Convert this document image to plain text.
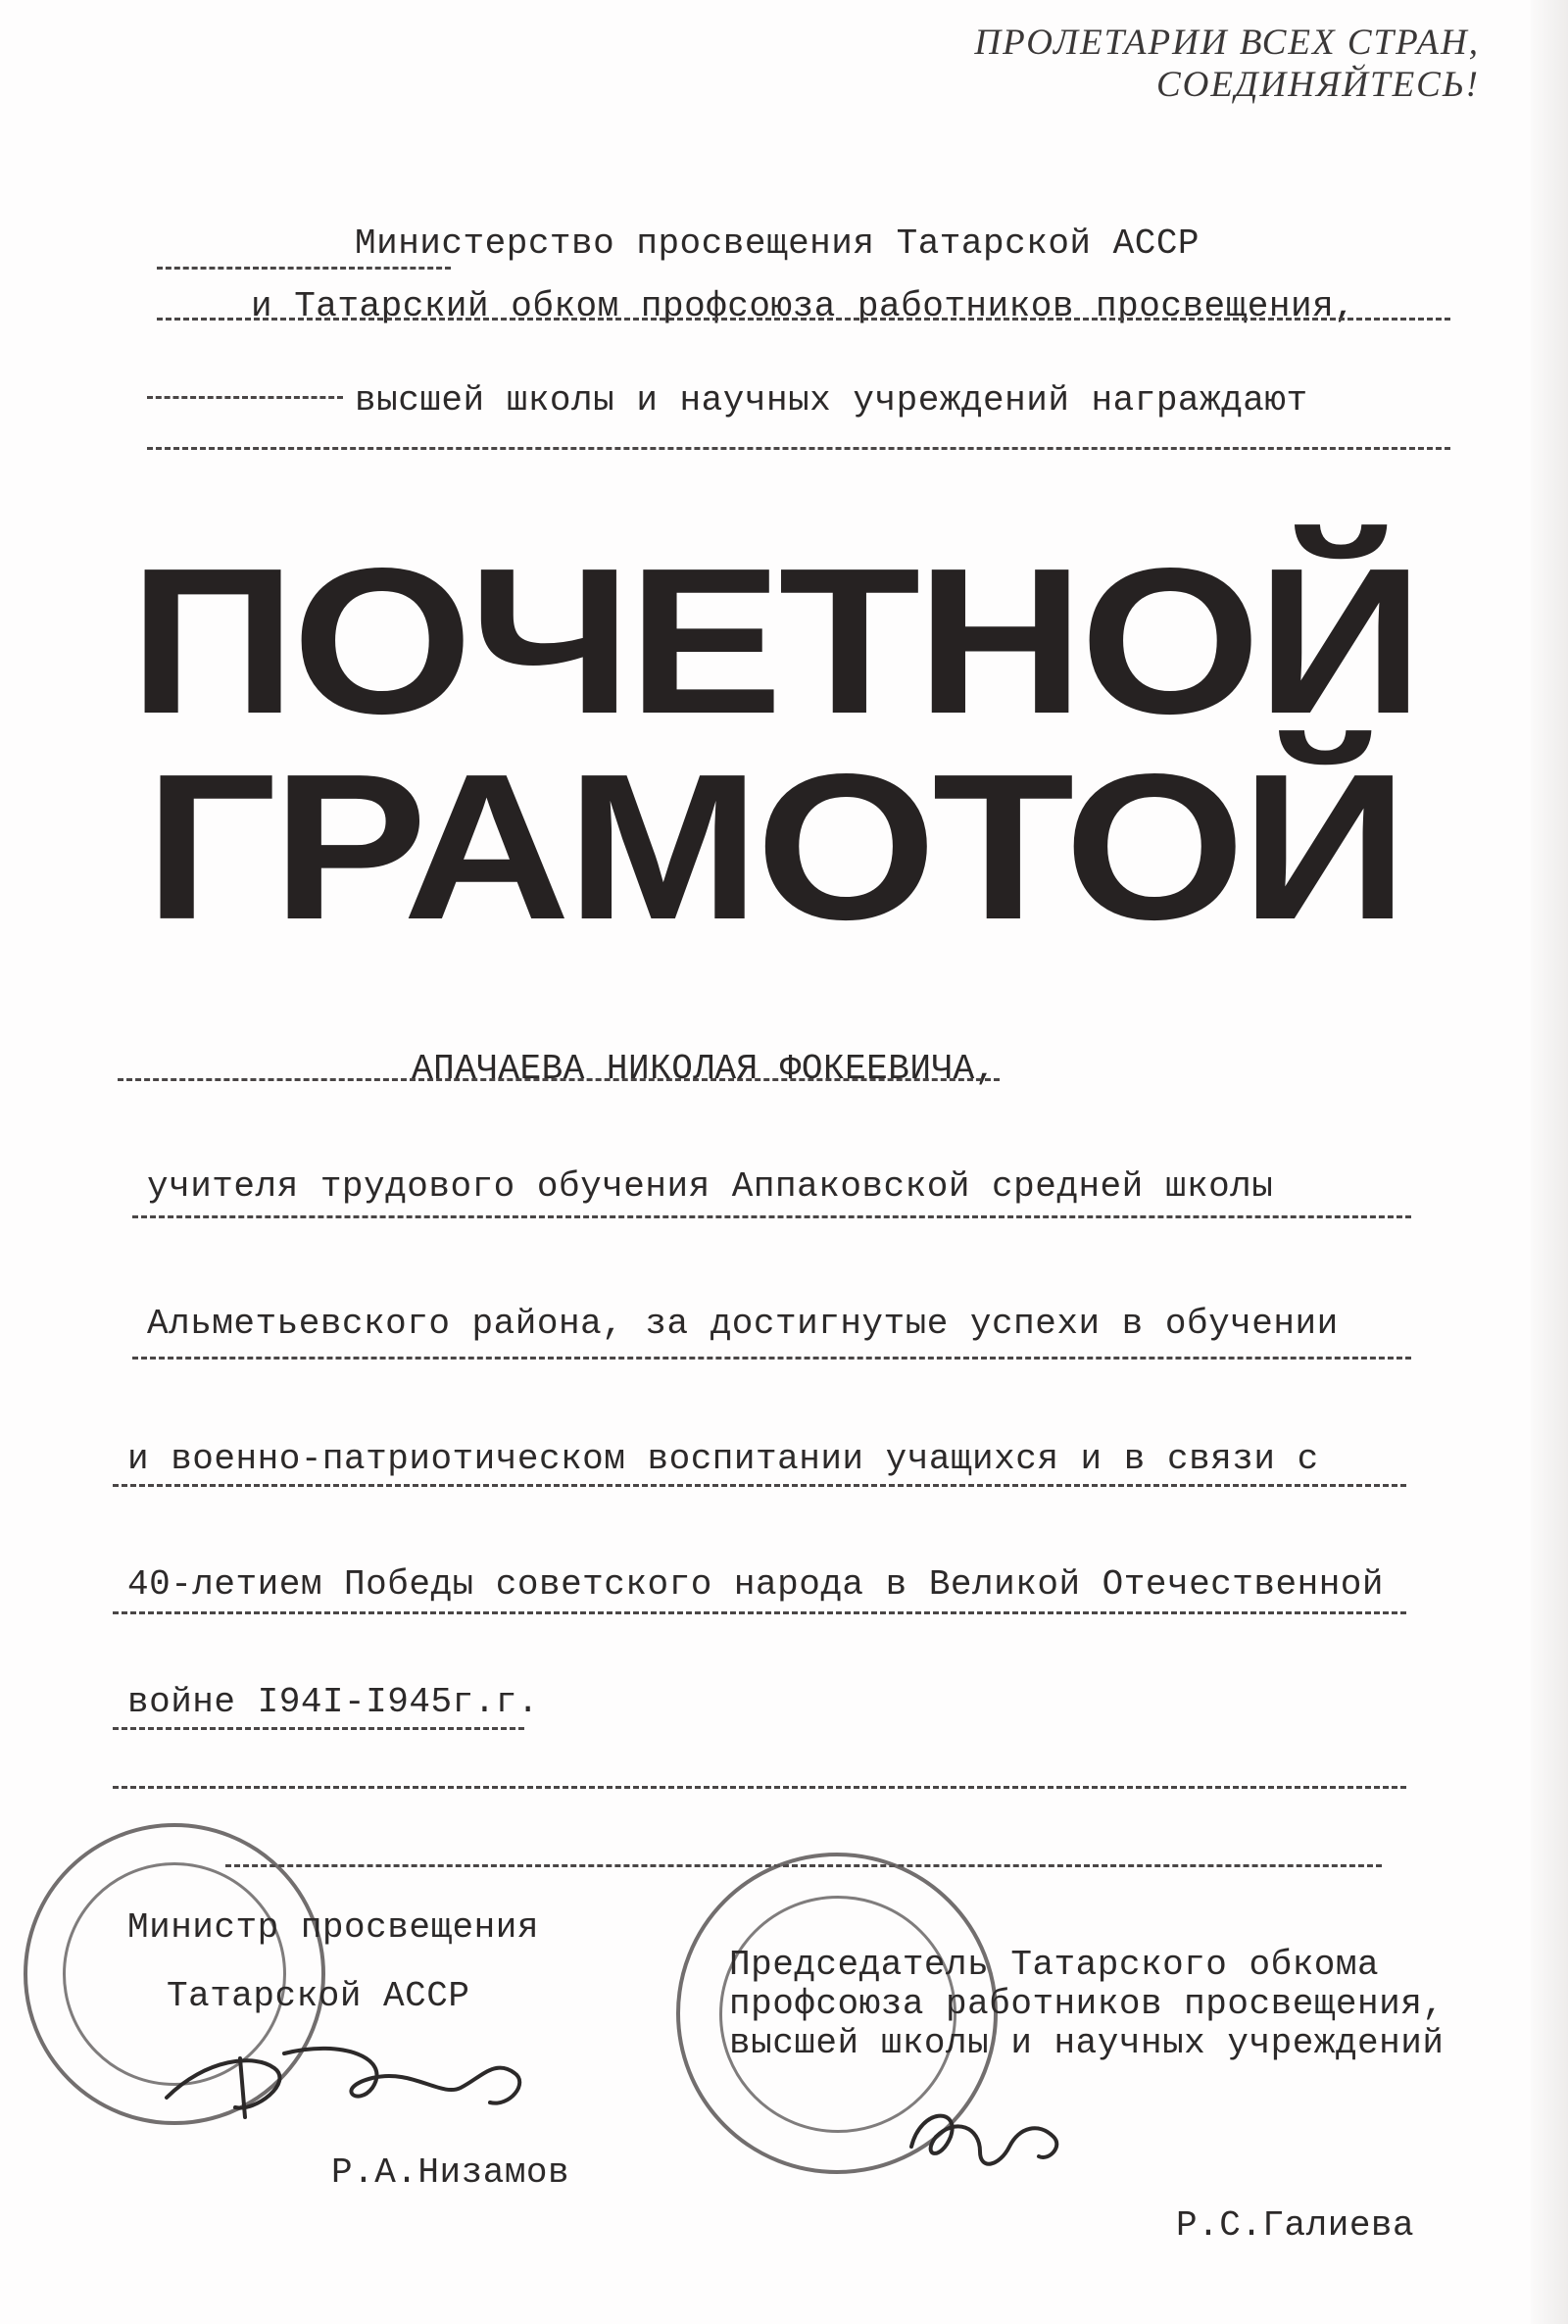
ПРОЛЕТАРИИ ВСЕХ СТРАН, СОЕДИНЯЙТЕСЬ!
Министерство просвещения Татарской АССР
и Татарский обком профсоюза работников просвещения,
высшей школы и научных учреждений награждают
ПОЧЕТНОЙ
ГРАМОТОЙ
АПАЧАЕВА НИКОЛАЯ ФОКЕЕВИЧА,
учителя трудового обучения Аппаковской средней школы
Альметьевского района, за достигнутые успехи в обучении
и военно-патриотическом воспитании учащихся и в связи с
40-летием Победы советского народа в Великой Отечественной
войне I94I-I945г.г.
Министр просвещения
Татарской АССР
Р.А.Низамов
Председатель Татарского обкома
профсоюза работников просвещения,
высшей школы и научных учреждений
Р.С.Галиева
